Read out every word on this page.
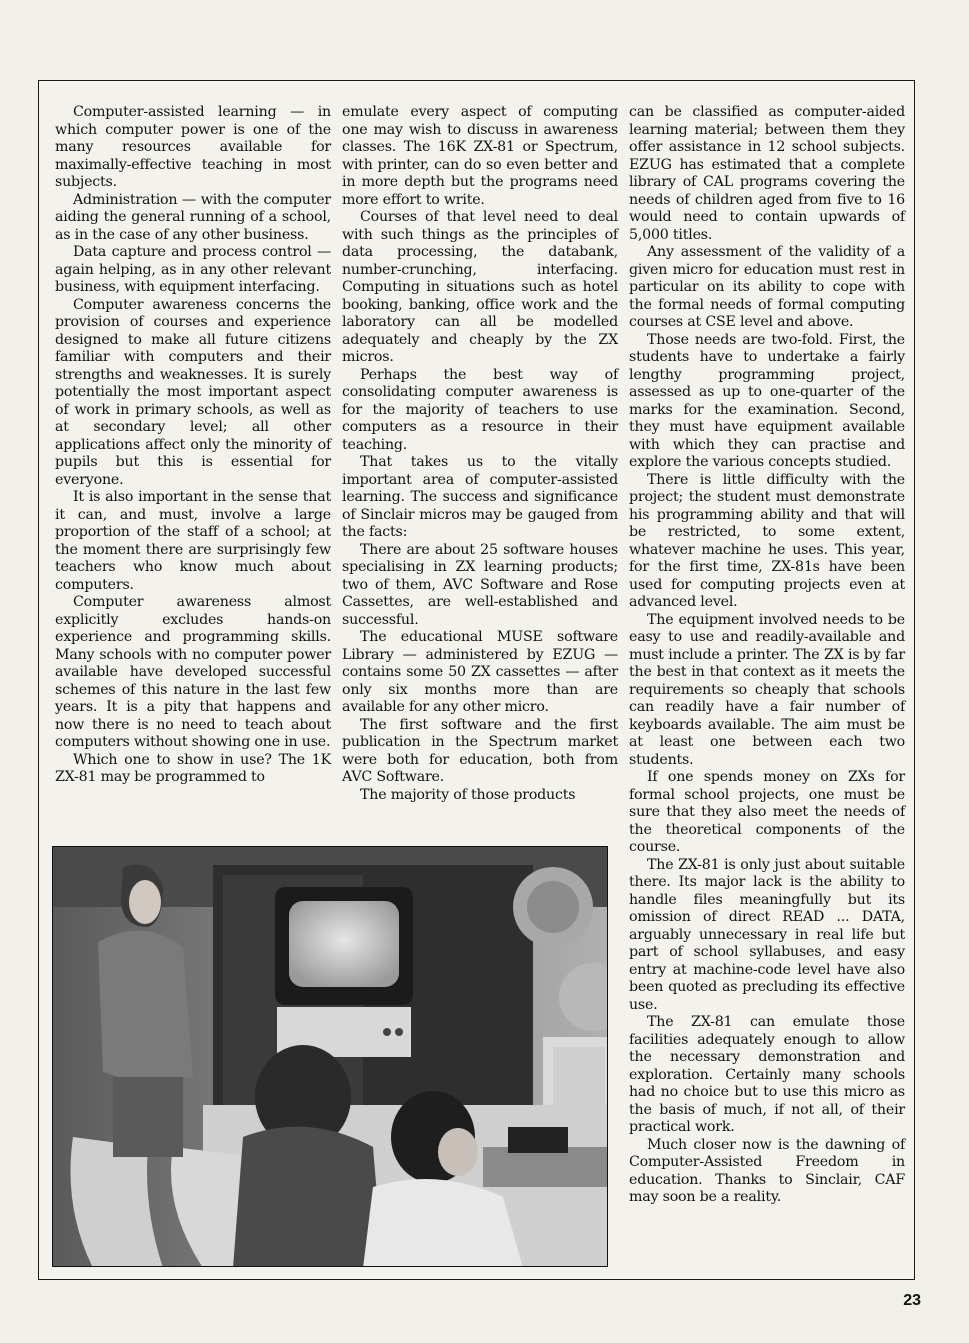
Computer-assisted learning — in which computer power is one of the many resources available for maximally-effective teaching in most subjects.

Administration — with the computer aiding the general running of a school, as in the case of any other business.

Data capture and process control — again helping, as in any other relevant business, with equipment interfacing.

Computer awareness concerns the provision of courses and experience designed to make all future citizens familiar with computers and their strengths and weaknesses. It is surely potentially the most important aspect of work in primary schools, as well as at secondary level; all other applications affect only the minority of pupils but this is essential for everyone.

It is also important in the sense that it can, and must, involve a large proportion of the staff of a school; at the moment there are surprisingly few teachers who know much about computers.

Computer awareness almost explicitly excludes hands-on experience and programming skills. Many schools with no computer power available have developed successful schemes of this nature in the last few years. It is a pity that happens and now there is no need to teach about computers without showing one in use.

Which one to show in use? The 1K ZX-81 may be programmed to

emulate every aspect of computing one may wish to discuss in awareness classes. The 16K ZX-81 or Spectrum, with printer, can do so even better and in more depth but the programs need more effort to write.

Courses of that level need to deal with such things as the principles of data processing, the databank, number-crunching, interfacing. Computing in situations such as hotel booking, banking, office work and the laboratory can all be modelled adequately and cheaply by the ZX micros.

Perhaps the best way of consolidating computer awareness is for the majority of teachers to use computers as a resource in their teaching.

That takes us to the vitally important area of computer-assisted learning. The success and significance of Sinclair micros may be gauged from the facts:

There are about 25 software houses specialising in ZX learning products; two of them, AVC Software and Rose Cassettes, are well-established and successful.

The educational MUSE software Library — administered by EZUG — contains some 50 ZX cassettes — after only six months more than are available for any other micro.

The first software and the first publication in the Spectrum market were both for education, both from AVC Software.

The majority of those products

can be classified as computer-aided learning material; between them they offer assistance in 12 school subjects. EZUG has estimated that a complete library of CAL programs covering the needs of children aged from five to 16 would need to contain upwards of 5,000 titles.

Any assessment of the validity of a given micro for education must rest in particular on its ability to cope with the formal needs of formal computing courses at CSE level and above.

Those needs are two-fold. First, the students have to undertake a fairly lengthy programming project, assessed as up to one-quarter of the marks for the examination. Second, they must have equipment available with which they can practise and explore the various concepts studied.

There is little difficulty with the project; the student must demonstrate his programming ability and that will be restricted, to some extent, whatever machine he uses. This year, for the first time, ZX-81s have been used for computing projects even at advanced level.

The equipment involved needs to be easy to use and readily-available and must include a printer. The ZX is by far the best in that context as it meets the requirements so cheaply that schools can readily have a fair number of keyboards available. The aim must be at least one between each two students.

If one spends money on ZXs for formal school projects, one must be sure that they also meet the needs of the theoretical components of the course.

The ZX-81 is only just about suitable there. Its major lack is the ability to handle files meaningfully but its omission of direct READ ... DATA, arguably unnecessary in real life but part of school syllabuses, and easy entry at machine-code level have also been quoted as precluding its effective use.

The ZX-81 can emulate those facilities adequately enough to allow the necessary demonstration and exploration. Certainly many schools had no choice but to use this micro as the basis of much, if not all, of their practical work.

Much closer now is the dawning of Computer-Assisted Freedom in education. Thanks to Sinclair, CAF may soon be a reality.

23
